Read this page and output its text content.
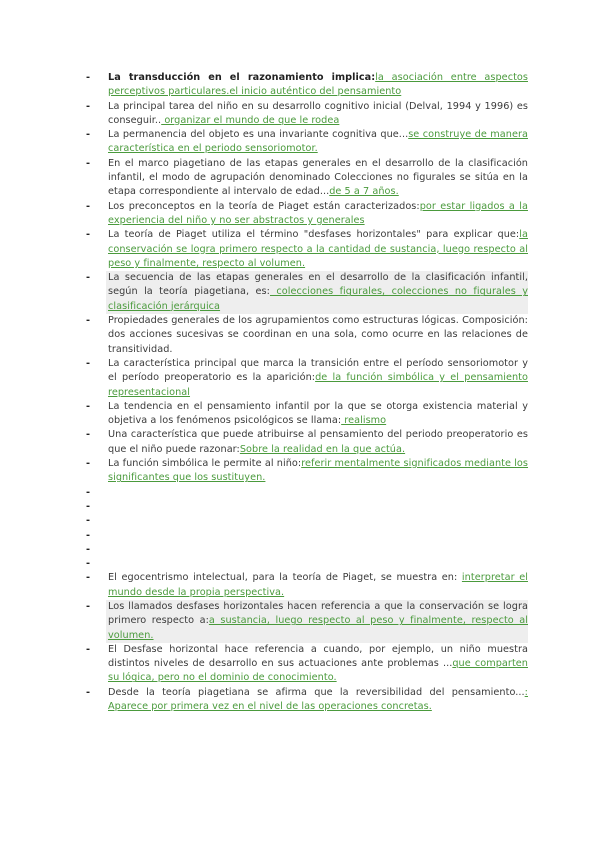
- La transducción en el razonamiento implica:la asociación entre aspectos perceptivos particulares.el inicio auténtico del pensamiento
- La principal tarea del niño en su desarrollo cognitivo inicial (Delval, 1994 y 1996) es conseguir.. organizar el mundo de que le rodea
- La permanencia del objeto es una invariante cognitiva que...se construye de manera característica en el periodo sensoriomotor.
- En el marco piagetiano de las etapas generales en el desarrollo de la clasificación infantil, el modo de agrupación denominado Colecciones no figurales se sitúa en la etapa correspondiente al intervalo de edad...de 5 a 7 años.
- Los preconceptos en la teoría de Piaget están caracterizados:por estar ligados a la experiencia del niño y no ser abstractos y generales
- La teoría de Piaget utiliza el término "desfases horizontales" para explicar que:la conservación se logra primero respecto a la cantidad de sustancia, luego respecto al peso y finalmente, respecto al volumen.
- La secuencia de las etapas generales en el desarrollo de la clasificación infantil, según la teoría piagetiana, es: colecciones figurales, colecciones no figurales y clasificación jerárquica
- Propiedades generales de los agrupamientos como estructuras lógicas. Composición: dos acciones sucesivas se coordinan en una sola, como ocurre en las relaciones de transitividad.
- La característica principal que marca la transición entre el período sensoriomotor y el período preoperatorio es la aparición:de la función simbólica y el pensamiento representacional
- La tendencia en el pensamiento infantil por la que se otorga existencia material y objetiva a los fenómenos psicológicos se llama: realismo
- Una característica que puede atribuirse al pensamiento del periodo preoperatorio es que el niño puede razonar:Sobre la realidad en la que actúa.
- La función simbólica le permite al niño:referir mentalmente significados mediante los significantes que los sustituyen.
-
-
-
-
-
-
- El egocentrismo intelectual, para la teoría de Piaget, se muestra en: interpretar el mundo desde la propia perspectiva.
- Los llamados desfases horizontales hacen referencia a que la conservación se logra primero respecto a:a sustancia, luego respecto al peso y finalmente, respecto al volumen.
- El Desfase horizontal hace referencia a cuando, por ejemplo, un niño muestra distintos niveles de desarrollo en sus actuaciones ante problemas ...que comparten su lógica, pero no el dominio de conocimiento.
- Desde la teoría piagetiana se afirma que la reversibilidad del pensamiento...: Aparece por primera vez en el nivel de las operaciones concretas.
